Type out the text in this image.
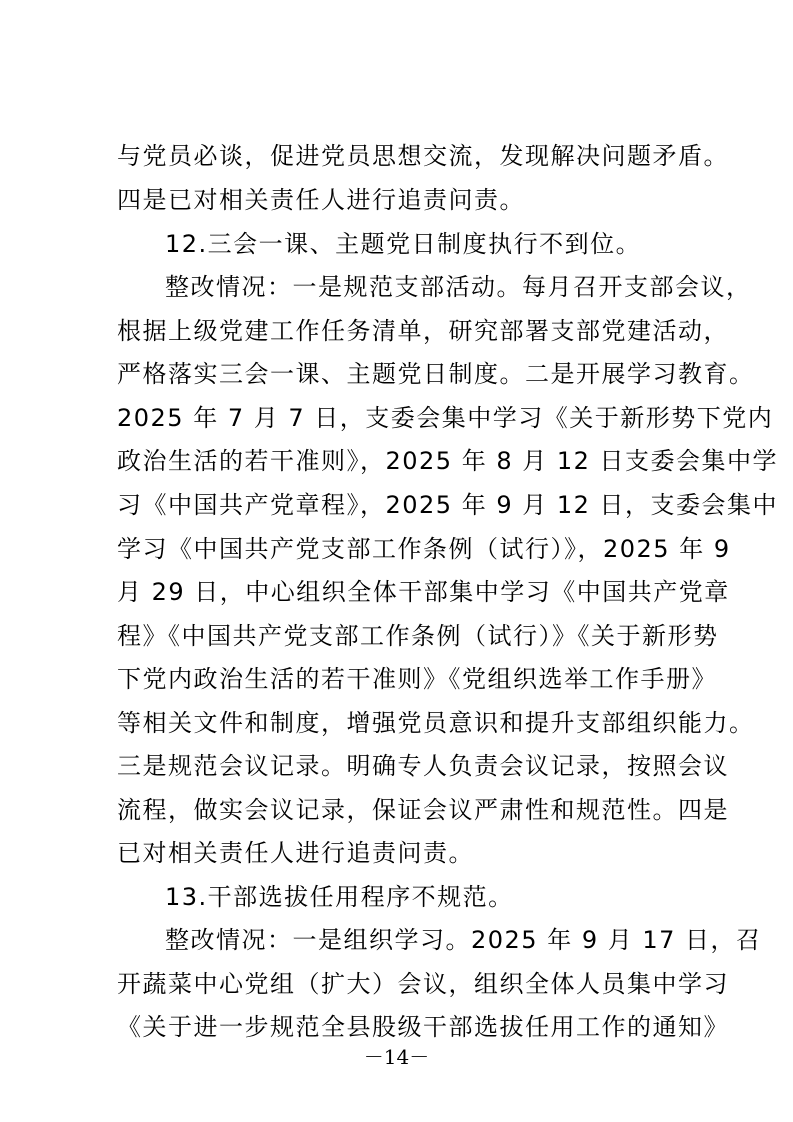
与党员必谈，促进党员思想交流，发现解决问题矛盾。
四是已对相关责任人进行追责问责。
12.三会一课、主题党日制度执行不到位。
整改情况：一是规范支部活动。每月召开支部会议，
根据上级党建工作任务清单，研究部署支部党建活动，
严格落实三会一课、主题党日制度。二是开展学习教育。
2025 年 7 月 7 日，支委会集中学习《关于新形势下党内
政治生活的若干准则》，2025 年 8 月 12 日支委会集中学
习《中国共产党章程》，2025 年 9 月 12 日，支委会集中
学习《中国共产党支部工作条例（试行）》，2025 年 9
月 29 日，中心组织全体干部集中学习《中国共产党章
程》《中国共产党支部工作条例（试行）》《关于新形势
下党内政治生活的若干准则》《党组织选举工作手册》
等相关文件和制度，增强党员意识和提升支部组织能力。
三是规范会议记录。明确专人负责会议记录，按照会议
流程，做实会议记录，保证会议严肃性和规范性。四是
已对相关责任人进行追责问责。
13.干部选拔任用程序不规范。
整改情况：一是组织学习。2025 年 9 月 17 日，召
开蔬菜中心党组（扩大）会议，组织全体人员集中学习
《关于进一步规范全县股级干部选拔任用工作的通知》
－14－
